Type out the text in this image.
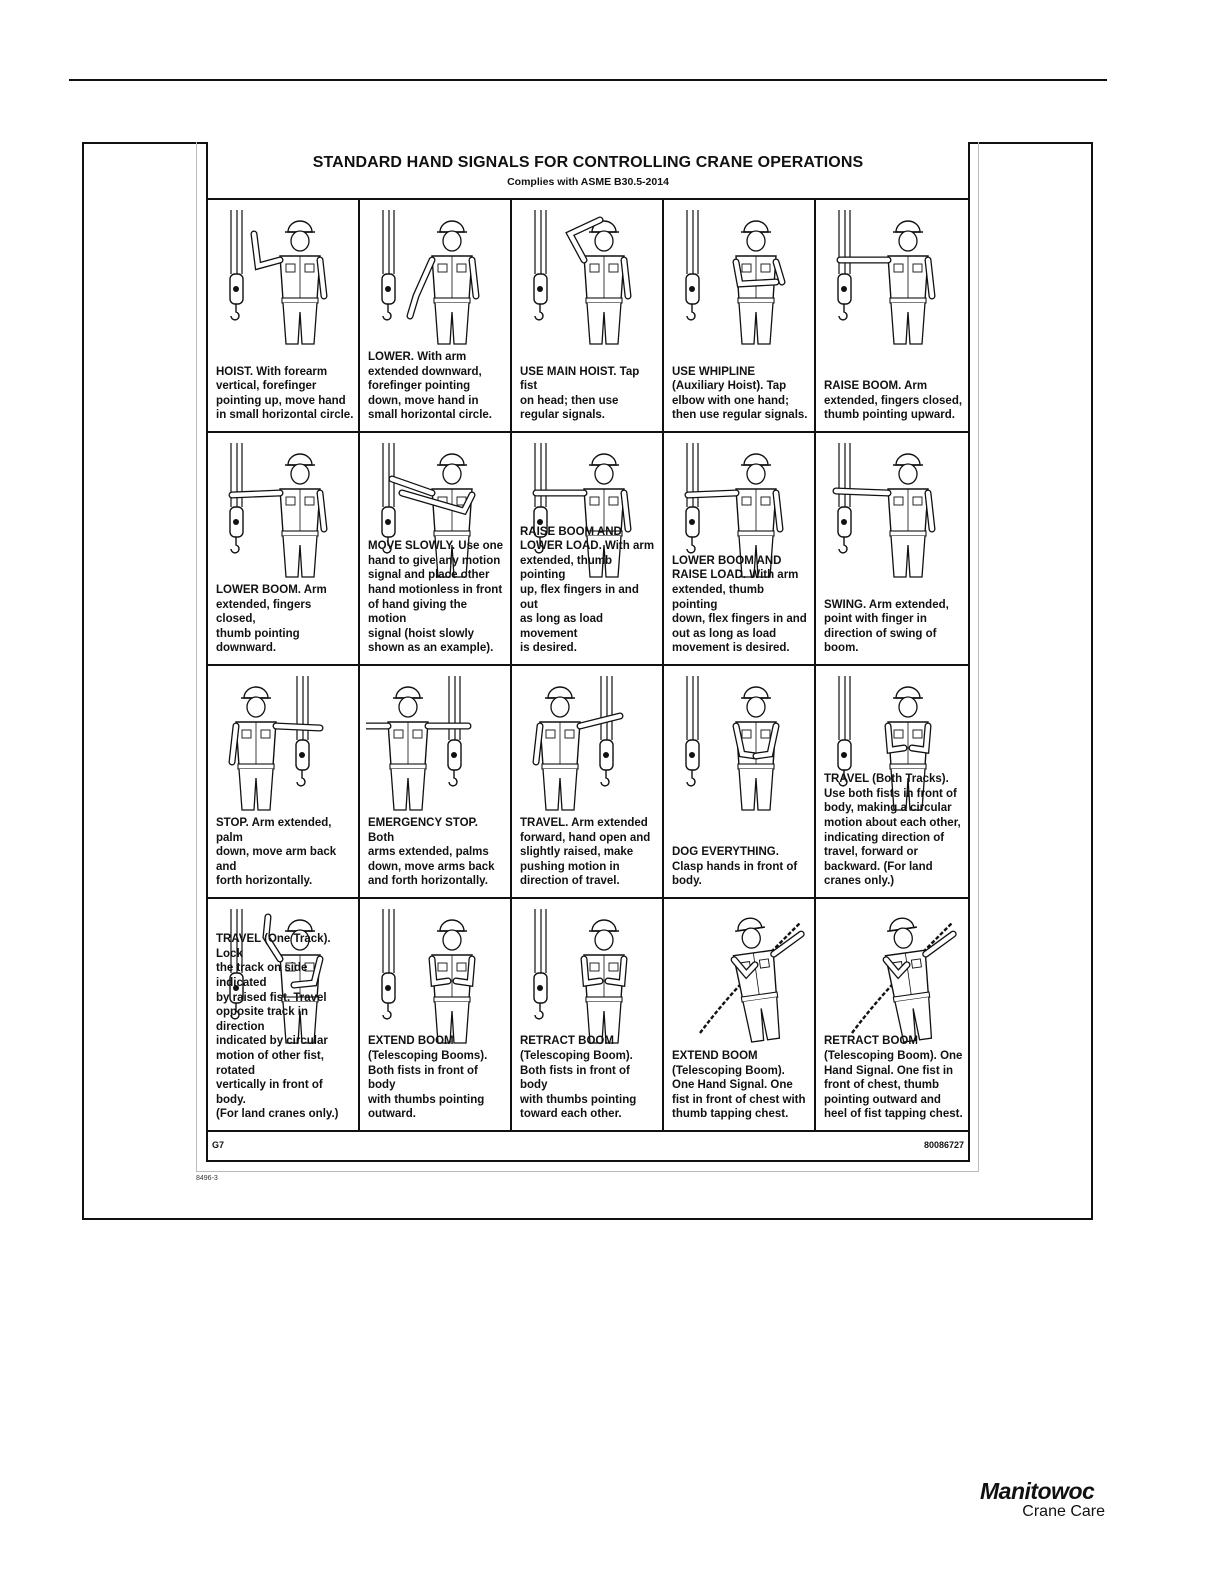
STANDARD HAND SIGNALS FOR CONTROLLING CRANE OPERATIONS
Complies with ASME B30.5-2014
HOIST. With forearm
vertical, forefinger
pointing up, move hand
in small horizontal circle.
LOWER. With arm
extended downward,
forefinger pointing
down, move hand in
small horizontal circle.
USE MAIN HOIST. Tap fist
on head; then use
regular signals.
USE WHIPLINE
(Auxiliary Hoist). Tap
elbow with one hand;
then use regular signals.
RAISE BOOM. Arm
extended, fingers closed,
thumb pointing upward.
LOWER BOOM. Arm
extended, fingers closed,
thumb pointing downward.
MOVE SLOWLY. Use one
hand to give any motion
signal and place other
hand motionless in front
of hand giving the motion
signal (hoist slowly
shown as an example).
RAISE BOOM AND
LOWER LOAD. With arm
extended, thumb pointing
up, flex fingers in and out
as long as load movement
is desired.
LOWER BOOM AND
RAISE LOAD. With arm
extended, thumb pointing
down, flex fingers in and
out as long as load
movement is desired.
SWING. Arm extended,
point with finger in
direction of swing of
boom.
STOP. Arm extended, palm
down, move arm back and
forth horizontally.
EMERGENCY STOP. Both
arms extended, palms
down, move arms back
and forth horizontally.
TRAVEL. Arm extended
forward, hand open and
slightly raised, make
pushing motion in
direction of travel.
DOG EVERYTHING.
Clasp hands in front of
body.
TRAVEL (Both Tracks).
Use both fists in front of
body, making a circular
motion about each other,
indicating direction of
travel, forward or
backward. (For land
cranes only.)
TRAVEL (One Track). Lock
the track on side indicated
by raised fist. Travel
opposite track in direction
indicated by circular
motion of other fist, rotated
vertically in front of body.
(For land cranes only.)
EXTEND BOOM
(Telescoping Booms).
Both fists in front of body
with thumbs pointing
outward.
RETRACT BOOM
(Telescoping Boom).
Both fists in front of body
with thumbs pointing
toward each other.
EXTEND BOOM
(Telescoping Boom).
One Hand Signal. One
fist in front of chest with
thumb tapping chest.
RETRACT BOOM
(Telescoping Boom). One
Hand Signal. One fist in
front of chest, thumb
pointing outward and
heel of fist tapping chest.
G7	80086727
8496-3
Manitowoc
Crane Care
